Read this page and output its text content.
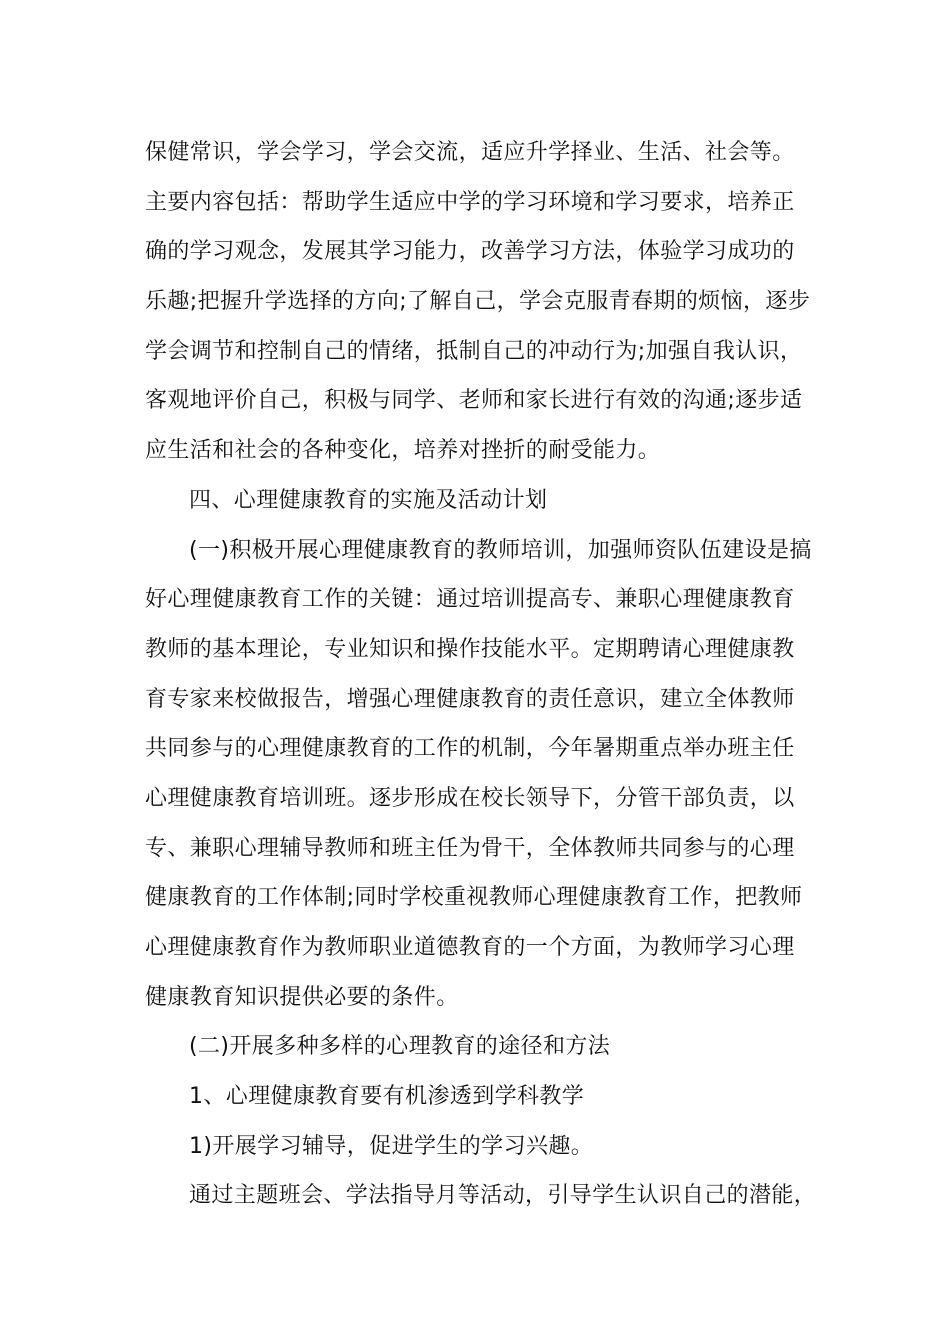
保健常识，学会学习，学会交流，适应升学择业、生活、社会等。
主要内容包括：帮助学生适应中学的学习环境和学习要求，培养正
确的学习观念，发展其学习能力，改善学习方法，体验学习成功的
乐趣;把握升学选择的方向;了解自己，学会克服青春期的烦恼，逐步
学会调节和控制自己的情绪，抵制自己的冲动行为;加强自我认识，
客观地评价自己，积极与同学、老师和家长进行有效的沟通;逐步适
应生活和社会的各种变化，培养对挫折的耐受能力。
四、心理健康教育的实施及活动计划
(一)积极开展心理健康教育的教师培训，加强师资队伍建设是搞
好心理健康教育工作的关键：通过培训提高专、兼职心理健康教育
教师的基本理论，专业知识和操作技能水平。定期聘请心理健康教
育专家来校做报告，增强心理健康教育的责任意识，建立全体教师
共同参与的心理健康教育的工作的机制，今年暑期重点举办班主任
心理健康教育培训班。逐步形成在校长领导下，分管干部负责，以
专、兼职心理辅导教师和班主任为骨干，全体教师共同参与的心理
健康教育的工作体制;同时学校重视教师心理健康教育工作，把教师
心理健康教育作为教师职业道德教育的一个方面，为教师学习心理
健康教育知识提供必要的条件。
(二)开展多种多样的心理教育的途径和方法
1、心理健康教育要有机渗透到学科教学
1)开展学习辅导，促进学生的学习兴趣。
通过主题班会、学法指导月等活动，引导学生认识自己的潜能，
